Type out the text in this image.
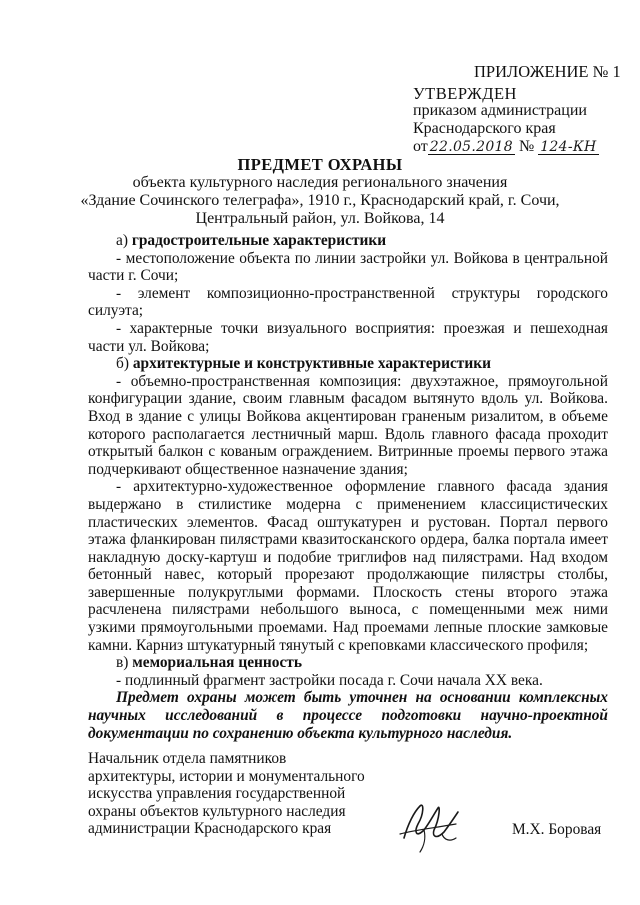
ПРИЛОЖЕНИЕ № 1
УТВЕРЖДЕН
приказом администрации
Краснодарского края
от 22.05.2018 № 124-КН
ПРЕДМЕТ ОХРАНЫ
объекта культурного наследия регионального значения
«Здание Сочинского телеграфа», 1910 г., Краснодарский край, г. Сочи,
Центральный район, ул. Войкова, 14

а) градостроительные характеристики

- местоположение объекта по линии застройки ул. Войкова в центральной части г. Сочи;

- элемент композиционно-пространственной структуры городского силуэта;

- характерные точки визуального восприятия: проезжая и пешеходная части ул. Войкова;

б) архитектурные и конструктивные характеристики

- объемно-пространственная композиция: двухэтажное, прямоугольной конфигурации здание, своим главным фасадом вытянуто вдоль ул. Войкова. Вход в здание с улицы Войкова акцентирован граненым ризалитом, в объеме которого располагается лестничный марш. Вдоль главного фасада проходит открытый балкон с кованым ограждением. Витринные проемы первого этажа подчеркивают общественное назначение здания;

- архитектурно-художественное оформление главного фасада здания выдержано в стилистике модерна с применением классицистических пластических элементов. Фасад оштукатурен и рустован. Портал первого этажа фланкирован пилястрами квазитосканского ордера, балка портала имеет накладную доску-картуш и подобие триглифов над пилястрами. Над входом бетонный навес, который прорезают продолжающие пилястры столбы, завершенные полукруглыми формами. Плоскость стены второго этажа расчленена пилястрами небольшого выноса, с помещенными меж ними узкими прямоугольными проемами. Над проемами лепные плоские замковые камни. Карниз штукатурный тянутый с креповками классического профиля;

в) мемориальная ценность

- подлинный фрагмент застройки посада г. Сочи начала XX века.

Предмет охраны может быть уточнен на основании комплексных научных исследований в процессе подготовки научно-проектной документации по сохранению объекта культурного наследия.

Начальник отдела памятников
архитектуры, истории и монументального
искусства управления государственной
охраны объектов культурного наследия
администрации Краснодарского края	М.Х. Боровая
